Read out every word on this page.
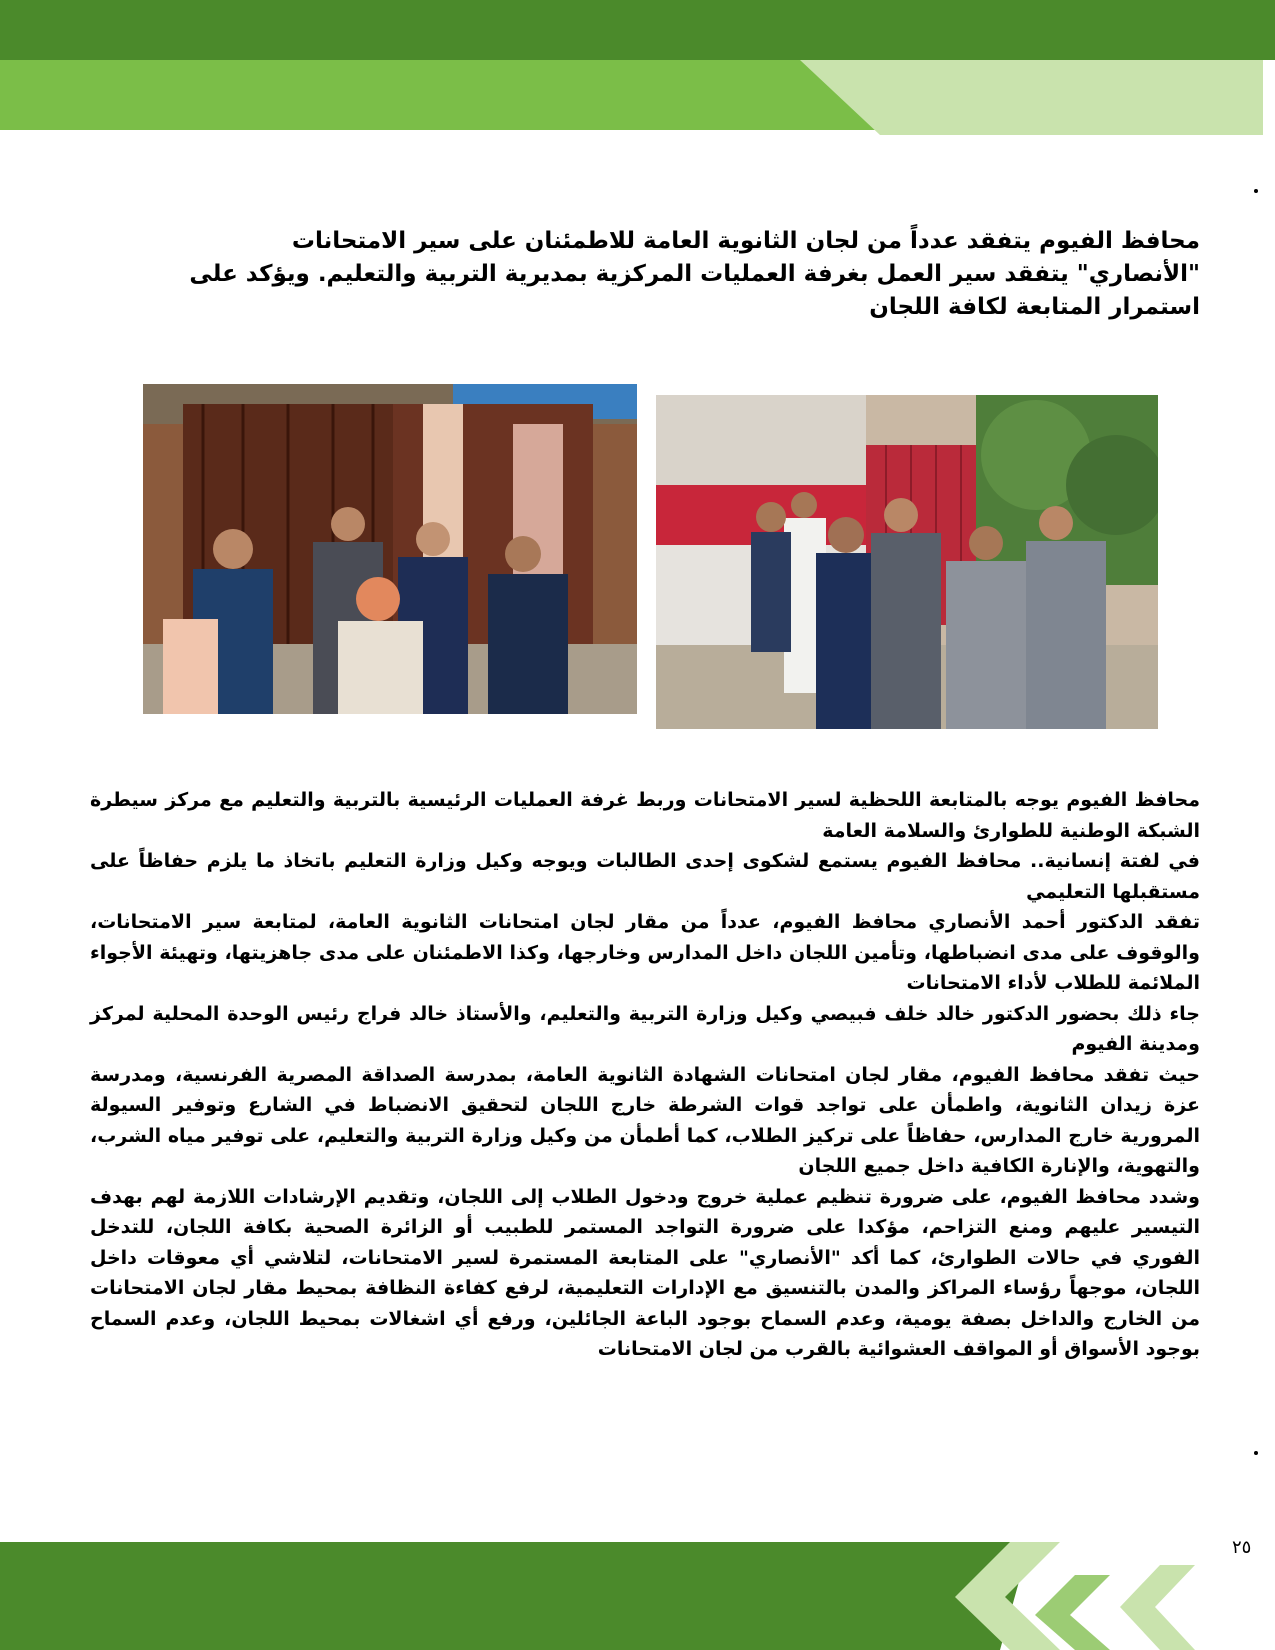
محافظ الفيوم يتفقد عدداً من لجان الثانوية العامة للاطمئنان على سير الامتحانات

"الأنصاري" يتفقد سير العمل بغرفة العمليات المركزية بمديرية التربية والتعليم. ويؤكد على استمرار المتابعة لكافة اللجان

محافظ الفيوم يوجه بالمتابعة اللحظية لسير الامتحانات وربط غرفة العمليات الرئيسية بالتربية والتعليم مع مركز سيطرة الشبكة الوطنية للطوارئ والسلامة العامة

في لفتة إنسانية.. محافظ الفيوم يستمع لشكوى إحدى الطالبات ويوجه وكيل وزارة التعليم باتخاذ ما يلزم حفاظاً على مستقبلها التعليمي

تفقد الدكتور أحمد الأنصاري محافظ الفيوم، عدداً من مقار لجان امتحانات الثانوية العامة، لمتابعة سير الامتحانات، والوقوف على مدى انضباطها، وتأمين اللجان داخل المدارس وخارجها، وكذا الاطمئنان على مدى جاهزيتها، وتهيئة الأجواء الملائمة للطلاب لأداء الامتحانات

جاء ذلك بحضور الدكتور خالد خلف فبيصي وكيل وزارة التربية والتعليم، والأستاذ خالد فراج رئيس الوحدة المحلية لمركز ومدينة الفيوم

حيث تفقد محافظ الفيوم، مقار لجان امتحانات الشهادة الثانوية العامة، بمدرسة الصداقة المصرية الفرنسية، ومدرسة عزة زيدان الثانوية، واطمأن على تواجد قوات الشرطة خارج اللجان لتحقيق الانضباط في الشارع وتوفير السيولة المرورية خارج المدارس، حفاظاً على تركيز الطلاب، كما أطمأن من وكيل وزارة التربية والتعليم، على توفير مياه الشرب، والتهوية، والإنارة الكافية داخل جميع اللجان

وشدد محافظ الفيوم، على ضرورة تنظيم عملية خروج ودخول الطلاب إلى اللجان، وتقديم الإرشادات اللازمة لهم بهدف التيسير عليهم ومنع التزاحم، مؤكدا على ضرورة التواجد المستمر للطبيب أو الزائرة الصحية بكافة اللجان، للتدخل الفوري في حالات الطوارئ، كما أكد "الأنصاري" على المتابعة المستمرة لسير الامتحانات، لتلاشي أي معوقات داخل اللجان، موجهاً رؤساء المراكز والمدن بالتنسيق مع الإدارات التعليمية، لرفع كفاءة النظافة بمحيط مقار لجان الامتحانات من الخارج والداخل بصفة يومية، وعدم السماح بوجود الباعة الجائلين، ورفع أي اشغالات بمحيط اللجان، وعدم السماح بوجود الأسواق أو المواقف العشوائية بالقرب من لجان الامتحانات

٢٥
